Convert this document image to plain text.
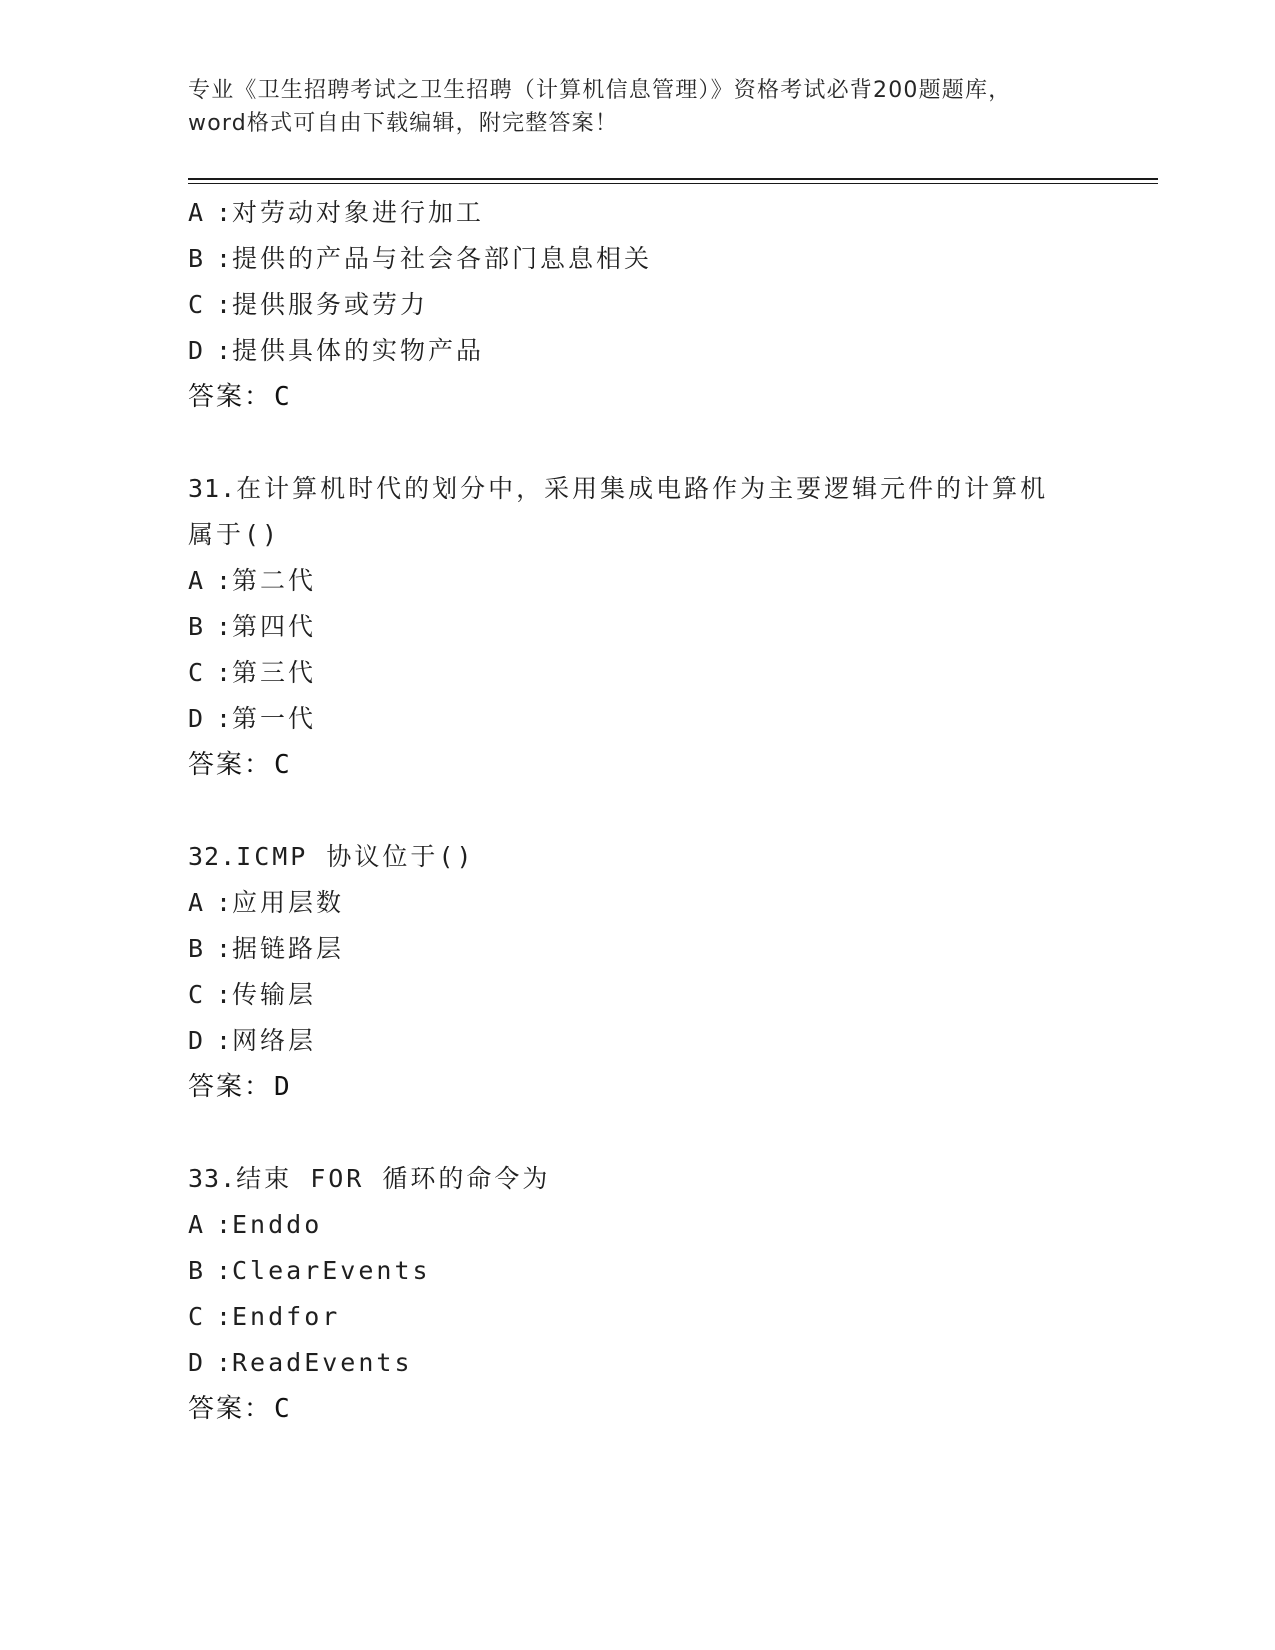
专业《卫生招聘考试之卫生招聘（计算机信息管理）》资格考试必背200题题库，
word格式可自由下载编辑，附完整答案！
A :对劳动对象进行加工
B :提供的产品与社会各部门息息相关
C :提供服务或劳力
D :提供具体的实物产品
答案：C
31.在计算机时代的划分中，采用集成电路作为主要逻辑元件的计算机
属于()
A :第二代
B :第四代
C :第三代
D :第一代
答案：C
32.ICMP 协议位于()
A :应用层数
B :据链路层
C :传输层
D :网络层
答案：D
33.结束 FOR 循环的命令为
A :Enddo
B :ClearEvents
C :Endfor
D :ReadEvents
答案：C
